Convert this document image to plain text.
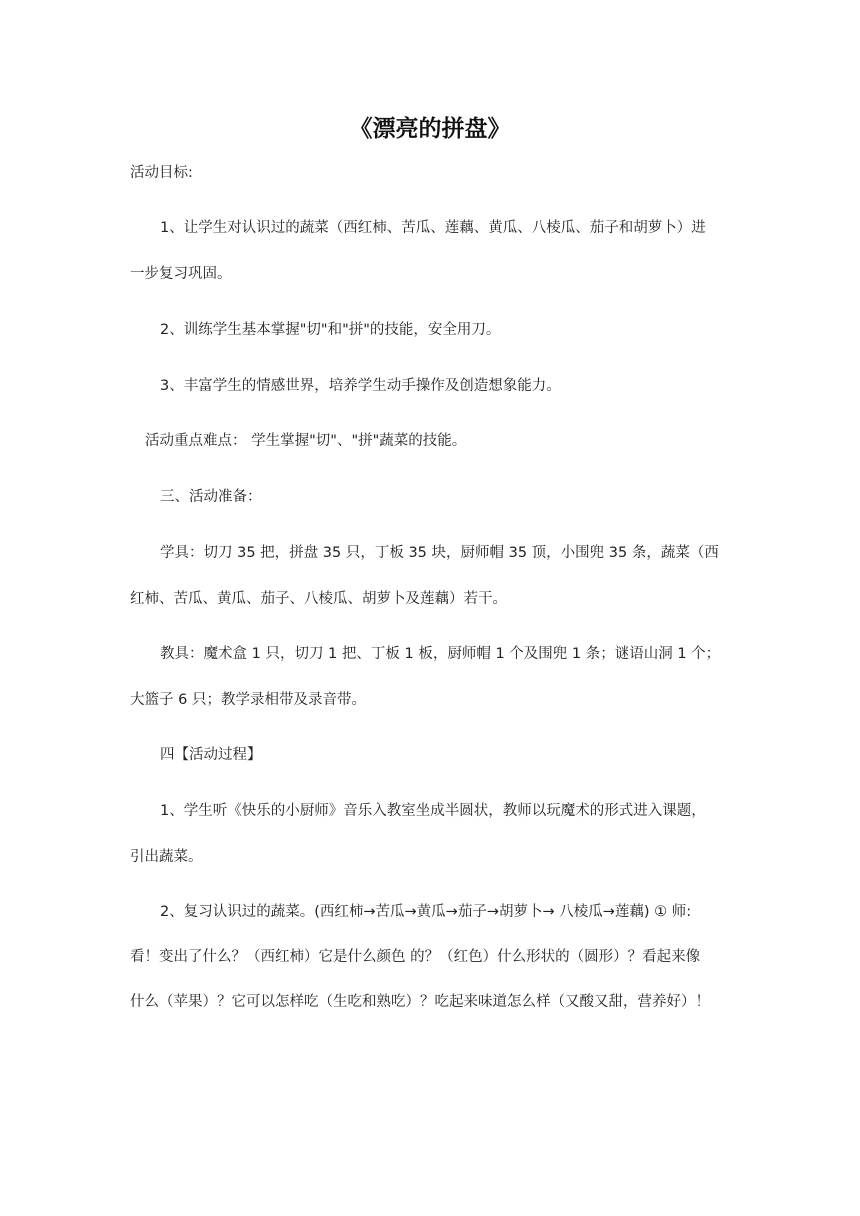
《漂亮的拼盘》
活动目标:
1、让学生对认识过的蔬菜（西红柿、苦瓜、莲藕、黄瓜、八棱瓜、茄子和胡萝卜）进
一步复习巩固。
2、训练学生基本掌握"切"和"拼"的技能，安全用刀。
3、丰富学生的情感世界，培养学生动手操作及创造想象能力。
活动重点难点： 学生掌握"切"、"拼"蔬菜的技能。
三、活动准备：
学具：切刀 35 把，拼盘 35 只，丁板 35 块，厨师帽 35 顶，小围兜 35 条，蔬菜（西
红柿、苦瓜、黄瓜、茄子、八棱瓜、胡萝卜及莲藕）若干。
教具：魔术盒 1 只，切刀 1 把、丁板 1 板，厨师帽 1 个及围兜 1 条；谜语山洞 1 个；
大篮子 6 只；教学录相带及录音带。
四【活动过程】
1、学生听《快乐的小厨师》音乐入教室坐成半圆状，教师以玩魔术的形式进入课题，
引出蔬菜。
2、复习认识过的蔬菜。(西红柿→苦瓜→黄瓜→茄子→胡萝卜→ 八棱瓜→莲藕) ① 师:
看！变出了什么？（西红柿）它是什么颜色 的？（红色）什么形状的（圆形）？看起来像
什么（苹果）？它可以怎样吃（生吃和熟吃）？吃起来味道怎么样（又酸又甜，营养好）！
